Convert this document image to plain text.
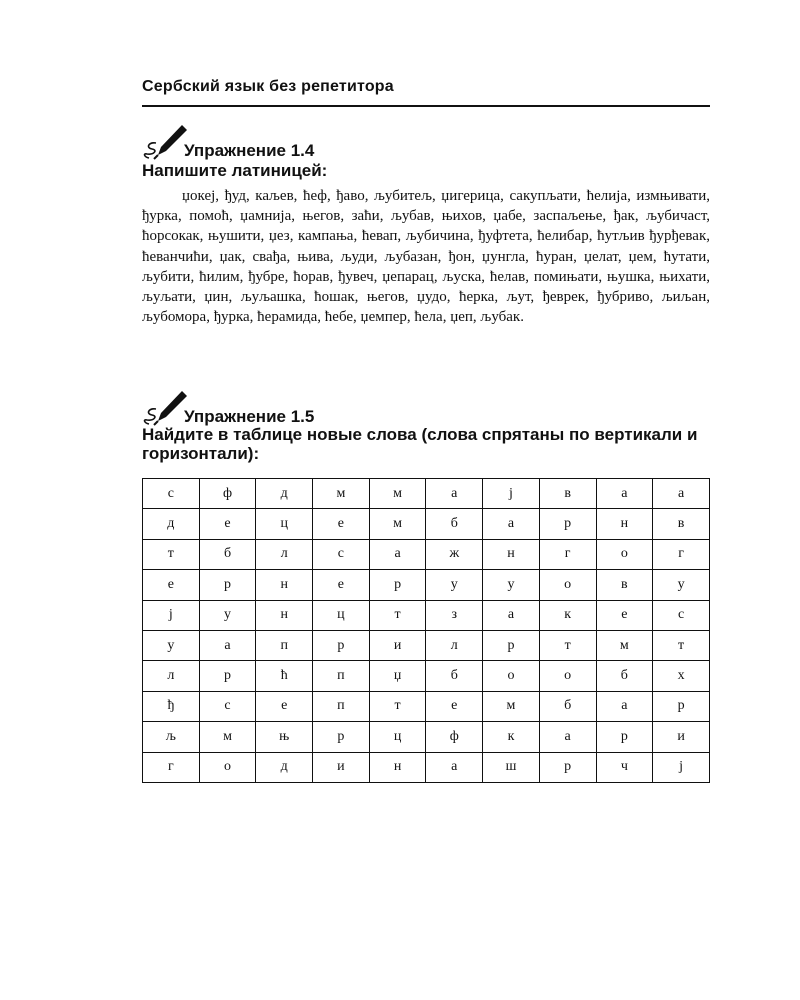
Сербский язык без репетитора
Упражнение 1.4
Напишите латиницей:

џокеј, ђуд, каљев, ћеф, ђаво, љубитељ, џигерица, сакупљати, ћелија, измњивати, ђурка, помоћ, џамнија, његов, заћи, љубав, њихов, џабе, заспаљење, ђак, љубичаст, ћорсокак, њушити, џез, кампања, ћевап, љубичина, ђуфтета, ћелибар, ћутљив ђурђевак, ћеванчићи, џак, свађа, њива, људи, љубазан, ђон, џунгла, ћуран, џелат, џем, ћутати, љубити, ћилим, ђубре, ћорав, ђувеч, џепарац, љуска, ћелав, помињати, њушка, њихати, љуљати, џин, љуљашка, ћошак, његов, џудо, ћерка, љут, ђеврек, ђубриво, љиљан, љубомора, ђурка, ћерамида, ћебе, џемпер, ћела, џеп, љубак.

Упражнение 1.5
Найдите в таблице новые слова (слова спрятаны по вертикали и горизонтали):
с	ф	д	м	м	а	ј	в	а	а
д	е	ц	е	м	б	а	р	н	в
т	б	л	с	а	ж	н	г	о	г
е	р	н	е	р	у	у	о	в	у
ј	у	н	ц	т	з	а	к	е	с
у	а	п	р	и	л	р	т	м	т
л	р	ћ	п	џ	б	о	о	б	х
ђ	с	е	п	т	е	м	б	а	р
љ	м	њ	р	ц	ф	к	а	р	и
г	о	д	и	н	а	ш	р	ч	ј
